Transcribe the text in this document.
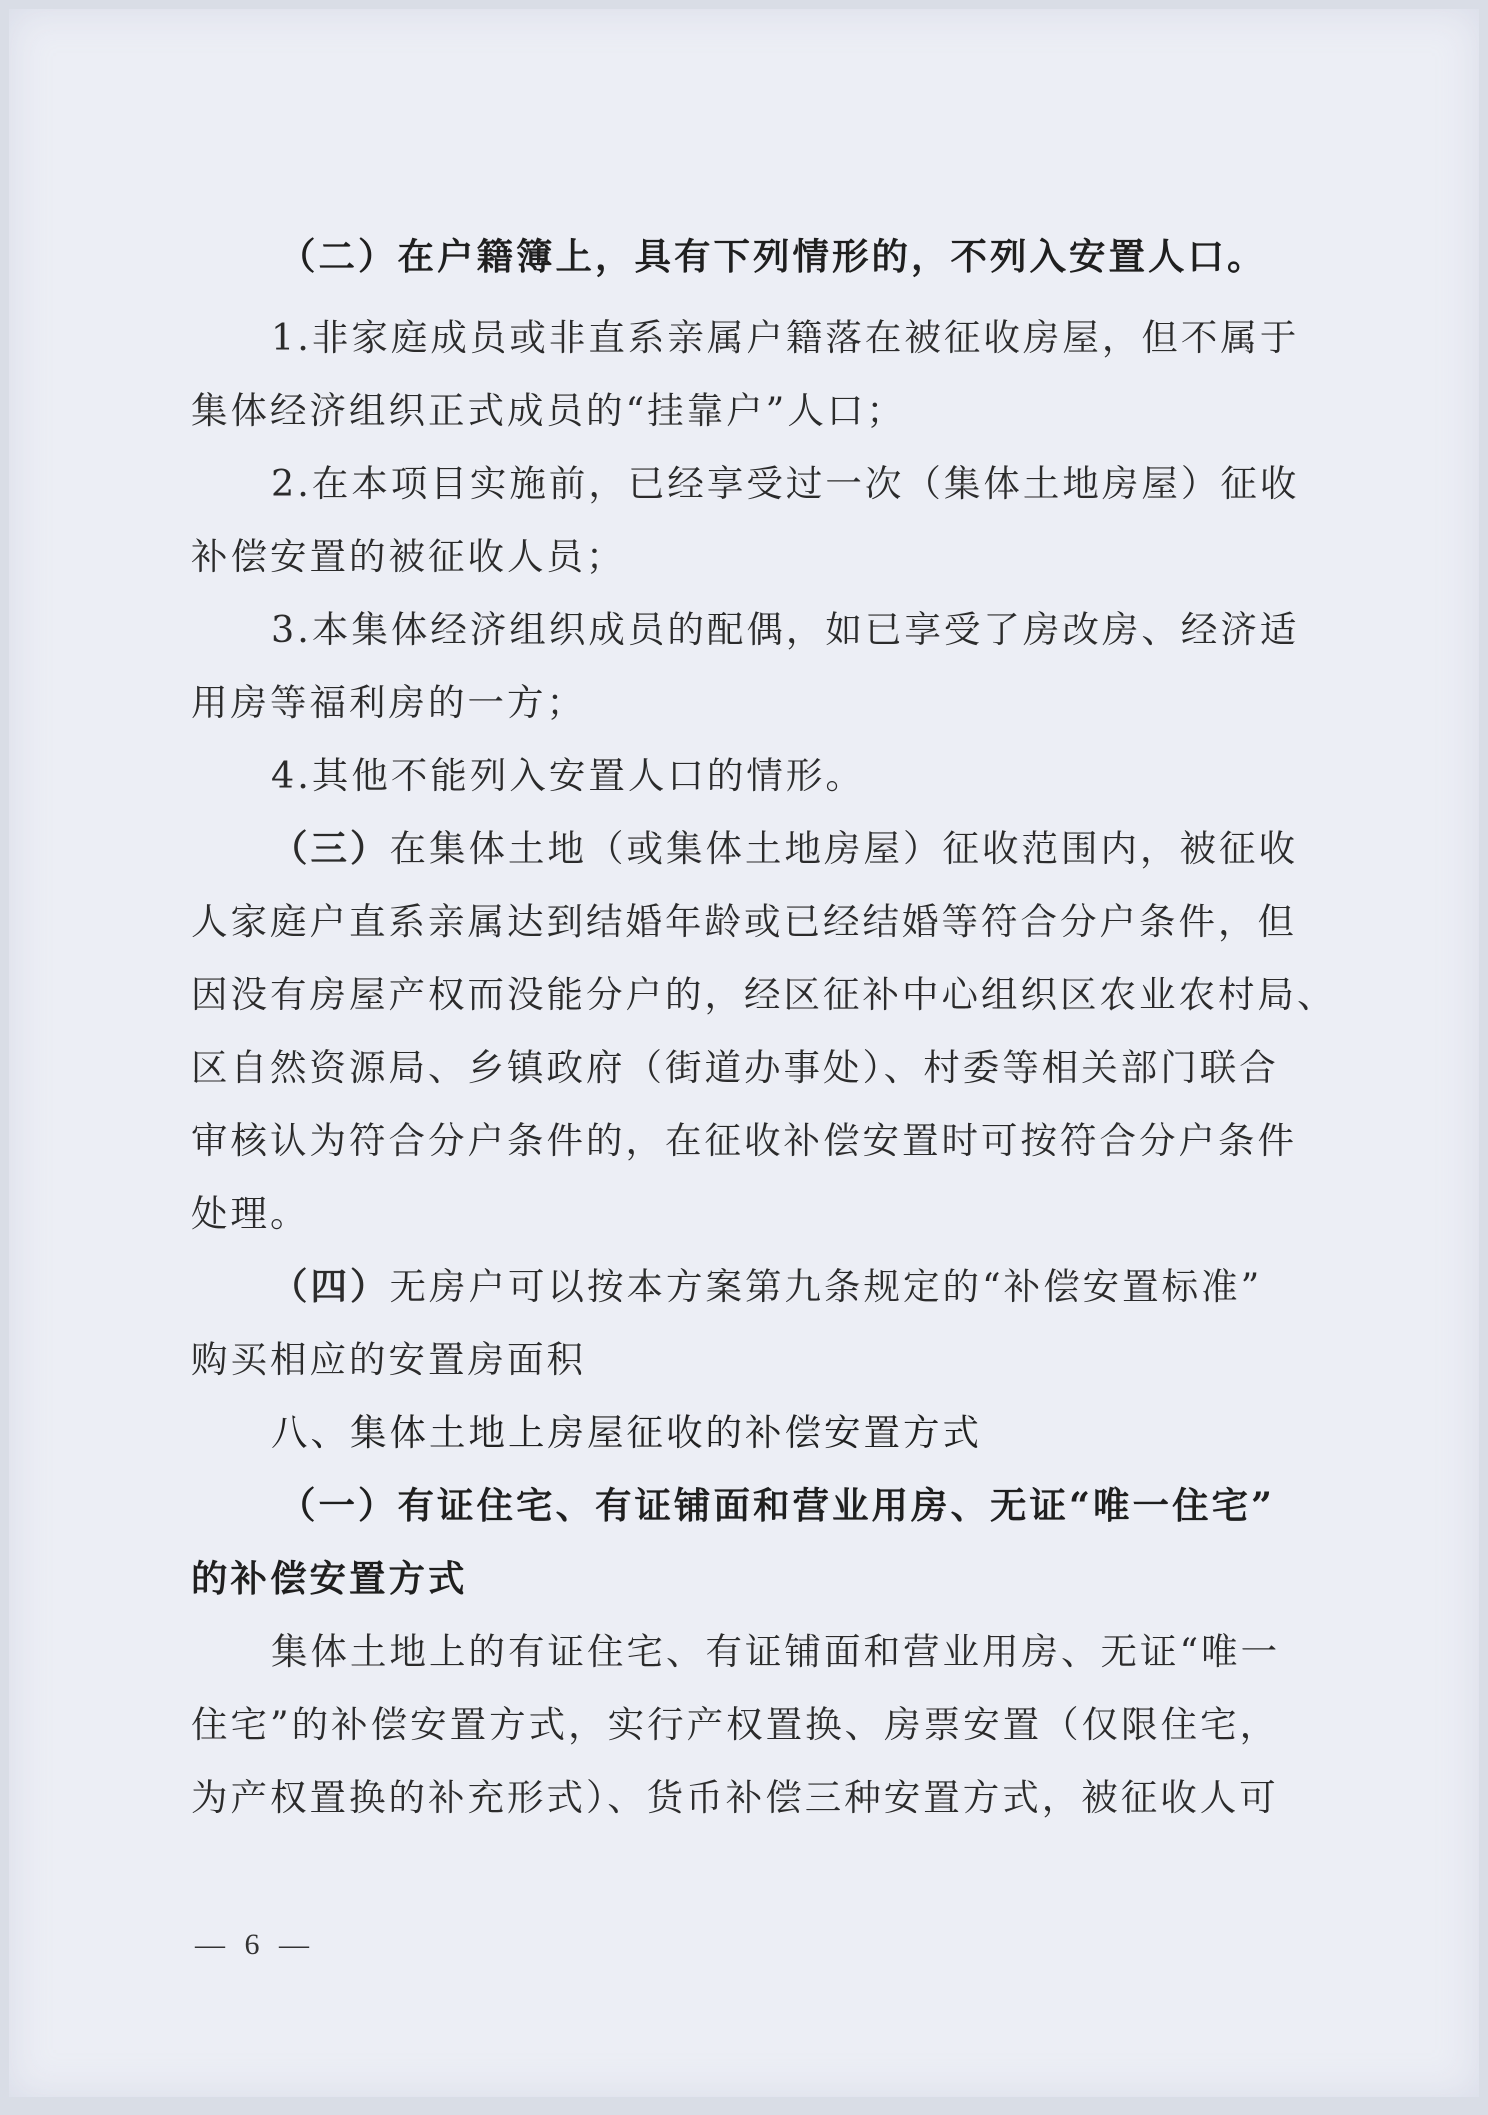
（二）在户籍簿上，具有下列情形的，不列入安置人口。
1.非家庭成员或非直系亲属户籍落在被征收房屋，但不属于
集体经济组织正式成员的“挂靠户”人口；
2.在本项目实施前，已经享受过一次（集体土地房屋）征收
补偿安置的被征收人员；
3.本集体经济组织成员的配偶，如已享受了房改房、经济适
用房等福利房的一方；
4.其他不能列入安置人口的情形。
（三）在集体土地（或集体土地房屋）征收范围内，被征收
人家庭户直系亲属达到结婚年龄或已经结婚等符合分户条件，但
因没有房屋产权而没能分户的，经区征补中心组织区农业农村局、
区自然资源局、乡镇政府（街道办事处）、村委等相关部门联合
审核认为符合分户条件的，在征收补偿安置时可按符合分户条件
处理。
（四）无房户可以按本方案第九条规定的“补偿安置标准”
购买相应的安置房面积
八、集体土地上房屋征收的补偿安置方式
（一）有证住宅、有证铺面和营业用房、无证“唯一住宅”
的补偿安置方式
集体土地上的有证住宅、有证铺面和营业用房、无证“唯一
住宅”的补偿安置方式，实行产权置换、房票安置（仅限住宅，
为产权置换的补充形式）、货币补偿三种安置方式，被征收人可
— 6 —
